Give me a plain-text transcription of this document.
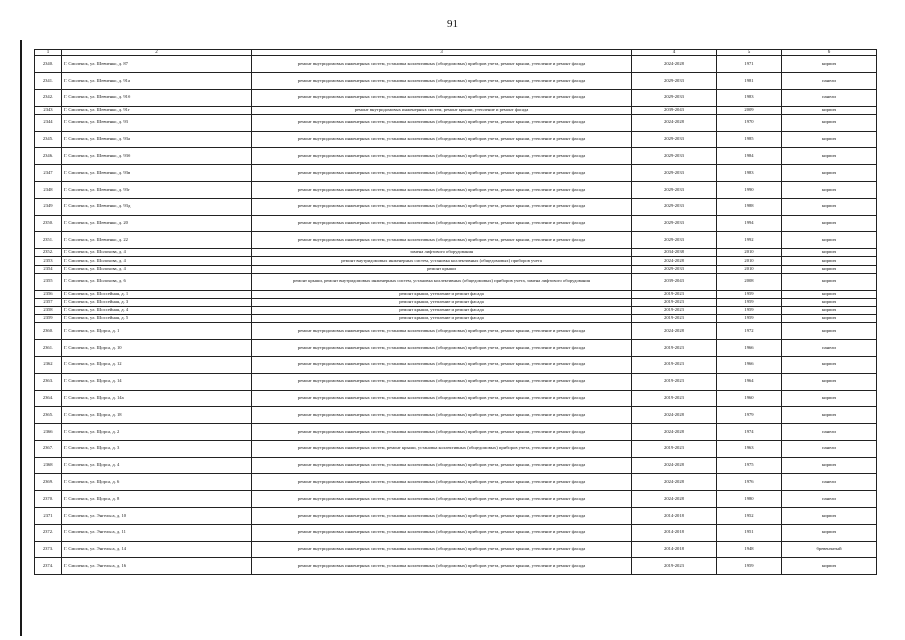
91
1	2	3	4	5	6
2340.	Г. Смоленск, ул. Шевченко, д. 87	ремонт внутридомовых инженерных систем, установка коллективных (общедомовых) приборов учета, ремонт крыши, утепление и ремонт фасада	2024-2028	1971	кирпич
2341.	Г. Смоленск, ул. Шевченко, д. 91а	ремонт внутридомовых инженерных систем, установка коллективных (общедомовых) приборов учета, ремонт крыши, утепление и ремонт фасада	2029-2033	1981	панели
2342.	Г. Смоленск, ул. Шевченко, д. 91б	ремонт внутридомовых инженерных систем, установка коллективных (общедомовых) приборов учета, ремонт крыши, утепление и ремонт фасада	2029-2033	1983	панели
2343	Г. Смоленск, ул. Шевченко, д. 91г	ремонт внутридомовых инженерных систем, ремонт крыши, утепление и ремонт фасада	2039-2043	2009	кирпич
2344	Г. Смоленск, ул. Шевченко, д. 93	ремонт внутридомовых инженерных систем, установка коллективных (общедомовых) приборов учета, ремонт крыши, утепление и ремонт фасада	2024-2028	1970	кирпич
2345.	Г. Смоленск, ул. Шевченко, д. 93а	ремонт внутридомовых инженерных систем, установка коллективных (общедомовых) приборов учета, ремонт крыши, утепление и ремонт фасада	2029-2033	1985	кирпич
2346.	Г. Смоленск, ул. Шевченко, д. 93б	ремонт внутридомовых инженерных систем, установка коллективных (общедомовых) приборов учета, ремонт крыши, утепление и ремонт фасада	2029-2033	1984	кирпич
2347	Г. Смоленск, ул. Шевченко, д. 93в	ремонт внутридомовых инженерных систем, установка коллективных (общедомовых) приборов учета, ремонт крыши, утепление и ремонт фасада	2029-2033	1983	кирпич
2348	Г. Смоленск, ул. Шевченко, д. 93г	ремонт внутридомовых инженерных систем, установка коллективных (общедомовых) приборов учета, ремонт крыши, утепление и ремонт фасада	2029-2033	1990	кирпич
2349	Г. Смоленск, ул. Шевченко, д. 93д	ремонт внутридомовых инженерных систем, установка коллективных (общедомовых) приборов учета, ремонт крыши, утепление и ремонт фасада	2029-2033	1988	кирпич
2350.	Г. Смоленск, ул. Шевченко, д. 20	ремонт внутридомовых инженерных систем, установка коллективных (общедомовых) приборов учета, ремонт крыши, утепление и ремонт фасада	2029-2033	1994	кирпич
2351.	Г. Смоленск, ул. Шевченко, д. 22	ремонт внутридомовых инженерных систем, установка коллективных (общедомовых) приборов учета, ремонт крыши, утепление и ремонт фасада	2029-2033	1992	кирпич
2352.	Г. Смоленск, ул. Шолохова, д. 4	замена лифтового оборудования	2034-2038	2010	кирпич
2353	Г. Смоленск, ул. Шолохова, д. 4	ремонт внутридомовых инженерных систем, установка коллективных (общедомовых) приборов учета	2024-2028	2010	кирпич
2354	Г. Смоленск, ул. Шолохова, д. 4	ремонт крыши	2029-2033	2010	кирпич
2355	Г. Смоленск, ул. Шолохова, д. 6	ремонт крыши, ремонт внутридомовых инженерных систем, установка коллективных (общедомовых) приборов учета, замена лифтового оборудования	2039-2043	2008	кирпич
2356	Г. Смоленск, ул. Шоссейная, д. 1	ремонт крыши, утепление и ремонт фасада	2019-2023	1959	кирпич
2357	Г. Смоленск, ул. Шоссейная, д. 3	ремонт крыши, утепление и ремонт фасада	2019-2023	1959	кирпич
2358	Г. Смоленск, ул. Шоссейная, д. 4	ремонт крыши, утепление и ремонт фасада	2019-2023	1959	кирпич
2359	Г. Смоленск, ул. Шоссейная, д. 5	ремонт крыши, утепление и ремонт фасада	2019-2023	1959	кирпич
2360.	Г. Смоленск, ул. Щорса, д. 1	ремонт внутридомовых инженерных систем, установка коллективных (общедомовых) приборов учета, ремонт крыши, утепление и ремонт фасада	2024-2028	1972	кирпич
2361.	Г. Смоленск, ул. Щорса, д. 10	ремонт внутридомовых инженерных систем, установка коллективных (общедомовых) приборов учета, ремонт крыши, утепление и ремонт фасада	2019-2023	1966	панели
2362	Г. Смоленск, ул. Щорса, д. 12	ремонт внутридомовых инженерных систем, установка коллективных (общедомовых) приборов учета, ремонт крыши, утепление и ремонт фасада	2019-2023	1966	кирпич
2363.	Г. Смоленск, ул. Щорса, д. 14	ремонт внутридомовых инженерных систем, установка коллективных (общедомовых) приборов учета, ремонт крыши, утепление и ремонт фасада	2019-2023	1964	кирпич
2364.	Г. Смоленск, ул. Щорса, д. 14а	ремонт внутридомовых инженерных систем, установка коллективных (общедомовых) приборов учета, ремонт крыши, утепление и ремонт фасада	2019-2023	1960	кирпич
2365.	Г. Смоленск, ул. Щорса, д. 18	ремонт внутридомовых инженерных систем, установка коллективных (общедомовых) приборов учета, ремонт крыши, утепление и ремонт фасада	2024-2028	1979	кирпич
2366	Г. Смоленск, ул. Щорса, д. 2	ремонт внутридомовых инженерных систем, установка коллективных (общедомовых) приборов учета, ремонт крыши, утепление и ремонт фасада	2024-2028	1974	панели
2367.	Г. Смоленск, ул. Щорса, д. 3	ремонт внутридомовых инженерных систем, ремонт крыши, установка коллективных (общедомовых) приборов учета, утепление и ремонт фасада	2019-2023	1963	панели
2368	Г. Смоленск, ул. Щорса, д. 4	ремонт внутридомовых инженерных систем, установка коллективных (общедомовых) приборов учета, ремонт крыши, утепление и ремонт фасада	2024-2028	1975	кирпич
2369.	Г. Смоленск, ул. Щорса, д. 6	ремонт внутридомовых инженерных систем, установка коллективных (общедомовых) приборов учета, ремонт крыши, утепление и ремонт фасада	2024-2028	1976	панели
2370.	Г. Смоленск, ул. Щорса, д. 8	ремонт внутридомовых инженерных систем, установка коллективных (общедомовых) приборов учета, ремонт крыши, утепление и ремонт фасада	2024-2028	1980	панели
2371	Г. Смоленск, ул. Энгельса, д. 10	ремонт внутридомовых инженерных систем, установка коллективных (общедомовых) приборов учета, ремонт крыши, утепление и ремонт фасада	2014-2018	1952	кирпич
2372.	Г. Смоленск, ул. Энгельса, д. 11	ремонт внутридомовых инженерных систем, установка коллективных (общедомовых) приборов учета, ремонт крыши, утепление и ремонт фасада	2014-2018	1951	кирпич
2373.	Г. Смоленск, ул. Энгельса, д. 14	ремонт внутридомовых инженерных систем, установка коллективных (общедомовых) приборов учета, ремонт крыши, утепление и ремонт фасада	2014-2018	1948	бревенчатый
2374.	Г. Смоленск, ул. Энгельса, д. 16	ремонт внутридомовых инженерных систем, установка коллективных (общедомовых) приборов учета, ремонт крыши, утепление и ремонт фасада	2019-2023	1959	кирпич
